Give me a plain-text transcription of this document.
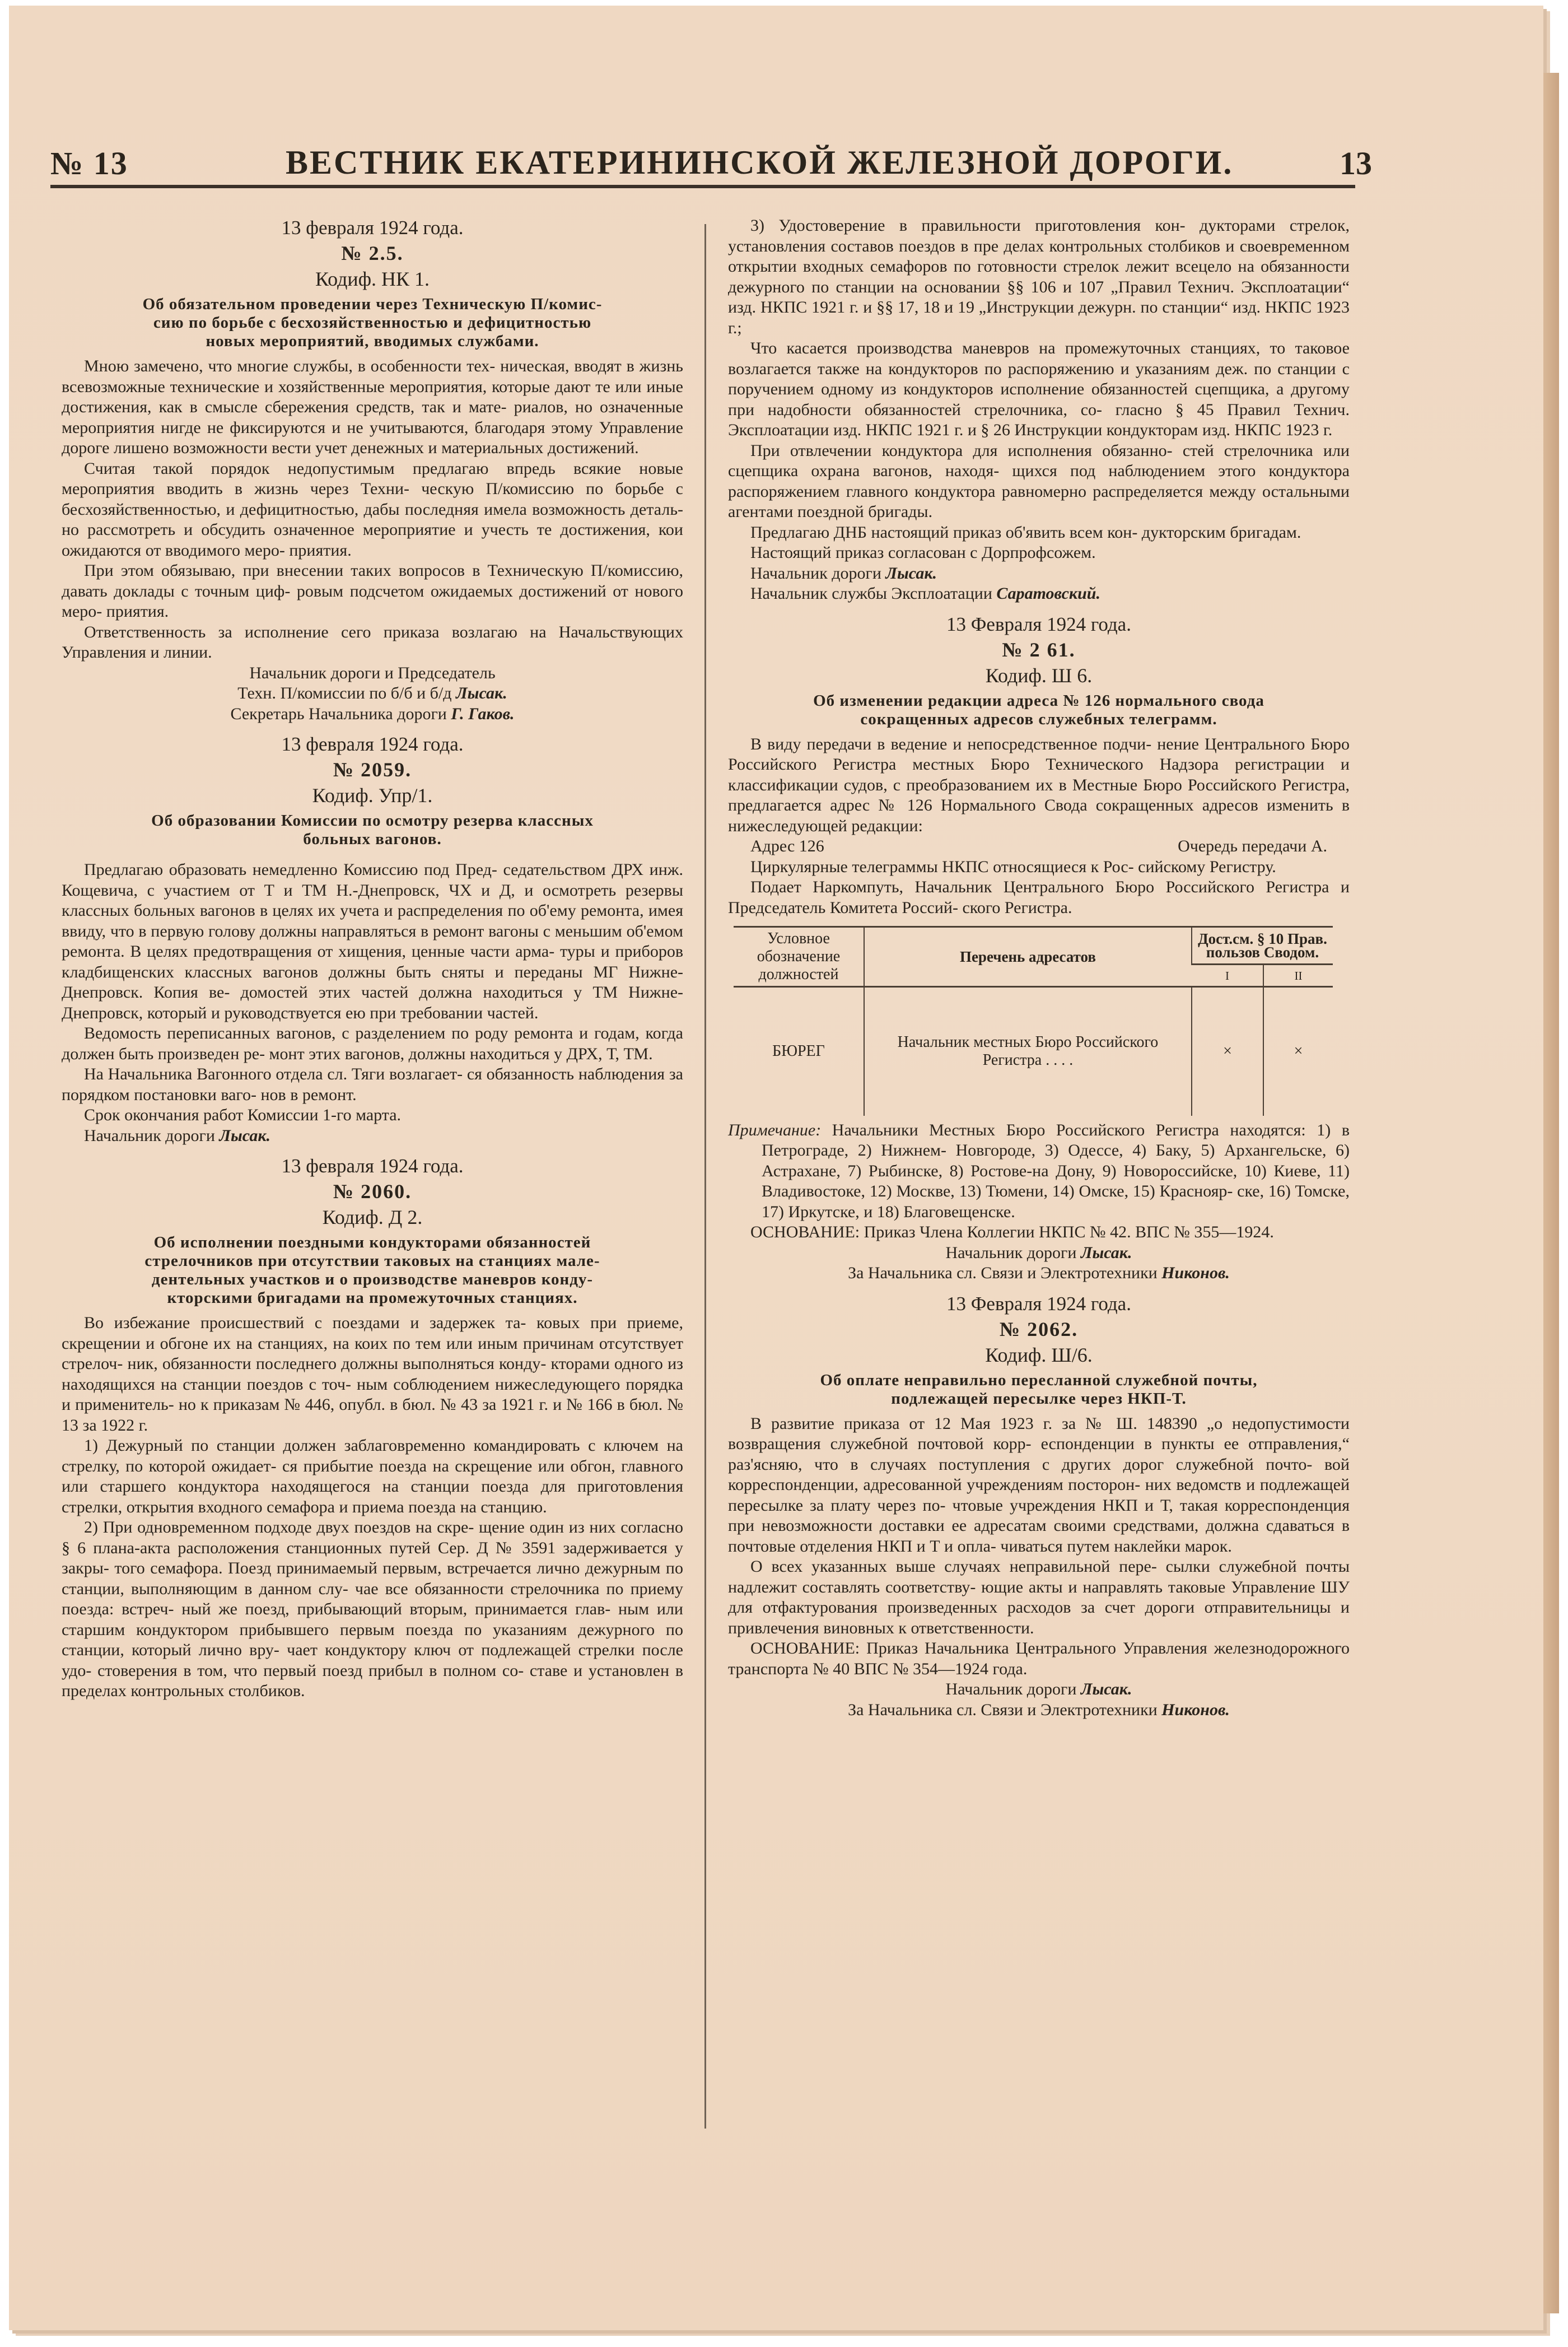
№ 13	ВЕСТНИК ЕКАТЕРИНИНСКОЙ ЖЕЛЕЗНОЙ ДОРОГИ.	13
13 февраля 1924 года.
№ 2.5.
Кодиф. НК 1.
Об обязательном проведении через Техническую П/комис-
сию по борьбе с бесхозяйственностью и дефицитностью
новых мероприятий, вводимых службами.

Мною замечено, что многие службы, в особенности тех- ническая, вводят в жизнь всевозможные технические и хозяйственные мероприятия, которые дают те или иные достижения, как в смысле сбережения средств, так и мате- риалов, но означенные мероприятия нигде не фиксируются и не учитываются, благодаря этому Управление дороге лишено возможности вести учет денежных и материальных достижений.

Считая такой порядок недопустимым предлагаю впредь всякие новые мероприятия вводить в жизнь через Техни- ческую П/комиссию по борьбе с бесхозяйственностью, и дефицитностью, дабы последняя имела возможность деталь- но рассмотреть и обсудить означенное мероприятие и учесть те достижения, кои ожидаются от вводимого меро- приятия.

При этом обязываю, при внесении таких вопросов в Техническую П/комиссию, давать доклады с точным циф- ровым подсчетом ожидаемых достижений от нового меро- приятия.

Ответственность за исполнение сего приказа возлагаю на Начальствующих Управления и линии.

Начальник дороги и Председатель
Техн. П/комиссии по б/б и б/д Лысак.
Секретарь Начальника дороги Г. Гаков.
13 февраля 1924 года.
№ 2059.
Кодиф. Упр/1.
Об образовании Комиссии по осмотру резерва классных
больных вагонов.

Предлагаю образовать немедленно Комиссию под Пред- седательством ДРХ инж. Кощевича, с участием от Т и ТМ Н.-Днепровск, ЧХ и Д, и осмотреть резервы классных больных вагонов в целях их учета и распределения по об'ему ремонта, имея ввиду, что в первую голову должны направляться в ремонт вагоны с меньшим об'емом ремонта. В целях предотвращения от хищения, ценные части арма- туры и приборов кладбищенских классных вагонов должны быть сняты и переданы МГ Нижне-Днепровск. Копия ве- домостей этих частей должна находиться у ТМ Нижне- Днепровск, который и руководствуется ею при требовании частей.

Ведомость переписанных вагонов, с разделением по роду ремонта и годам, когда должен быть произведен ре- монт этих вагонов, должны находиться у ДРХ, Т, ТМ.

На Начальника Вагонного отдела сл. Тяги возлагает- ся обязанность наблюдения за порядком постановки ваго- нов в ремонт.

Срок окончания работ Комиссии 1-го марта.

Начальник дороги Лысак.

13 февраля 1924 года.
№ 2060.
Кодиф. Д 2.
Об исполнении поездными кондукторами обязанностей
стрелочников при отсутствии таковых на станциях мале-
дентельных участков и о производстве маневров конду-
кторскими бригадами на промежуточных станциях.

Во избежание происшествий с поездами и задержек та- ковых при приеме, скрещении и обгоне их на станциях, на коих по тем или иным причинам отсутствует стрелоч- ник, обязанности последнего должны выполняться конду- кторами одного из находящихся на станции поездов с точ- ным соблюдением нижеследующего порядка и применитель- но к приказам № 446, опубл. в бюл. № 43 за 1921 г. и № 166 в бюл. № 13 за 1922 г.

1) Дежурный по станции должен заблаговременно командировать с ключем на стрелку, по которой ожидает- ся прибытие поезда на скрещение или обгон, главного или старшего кондуктора находящегося на станции поезда для приготовления стрелки, открытия входного семафора и приема поезда на станцию.

2) При одновременном подходе двух поездов на скре- щение один из них согласно § 6 плана-акта расположения станционных путей Сер. Д № 3591 задерживается у закры- того семафора. Поезд принимаемый первым, встречается лично дежурным по станции, выполняющим в данном слу- чае все обязанности стрелочника по приему поезда: встреч- ный же поезд, прибывающий вторым, принимается глав- ным или старшим кондуктором прибывшего первым поезда по указаниям дежурного по станции, который лично вру- чает кондуктору ключ от подлежащей стрелки после удо- стоверения в том, что первый поезд прибыл в полном со- ставе и установлен в пределах контрольных столбиков.

3) Удостоверение в правильности приготовления кон- дукторами стрелок, установления составов поездов в пре делах контрольных столбиков и своевременном открытии входных семафоров по готовности стрелок лежит всецело на обязанности дежурного по станции на основании §§ 106 и 107 „Правил Технич. Эксплоатации“ изд. НКПС 1921 г. и §§ 17, 18 и 19 „Инструкции дежурн. по станции“ изд. НКПС 1923 г.;

Что касается производства маневров на промежуточных станциях, то таковое возлагается также на кондукторов по распоряжению и указаниям деж. по станции с поручением одному из кондукторов исполнение обязанностей сцепщика, а другому при надобности обязанностей стрелочника, со- гласно § 45 Правил Технич. Эксплоатации изд. НКПС 1921 г. и § 26 Инструкции кондукторам изд. НКПС 1923 г.

При отвлечении кондуктора для исполнения обязанно- стей стрелочника или сцепщика охрана вагонов, находя- щихся под наблюдением этого кондуктора распоряжением главного кондуктора равномерно распределяется между остальными агентами поездной бригады.

Предлагаю ДНБ настоящий приказ об'явить всем кон- дукторским бригадам.

Настоящий приказ согласован с Дорпрофсожем.

Начальник дороги Лысак.

Начальник службы Эксплоатации Саратовский.

13 Февраля 1924 года.
№ 2 61.
Кодиф. Ш 6.
Об изменении редакции адреса № 126 нормального свода
сокращенных адресов служебных телеграмм.

В виду передачи в ведение и непосредственное подчи- нение Центрального Бюро Российского Регистра местных Бюро Технического Надзора регистрации и классификации судов, с преобразованием их в Местные Бюро Российского Регистра, предлагается адрес № 126 Нормального Свода сокращенных адресов изменить в нижеследующей редакции:

Адрес 126	Очередь передачи А.

Циркулярные телеграммы НКПС относящиеся к Рос- сийскому Регистру.

Подает Наркомпуть, Начальник Центрального Бюро Российского Регистра и Председатель Комитета Россий- ского Регистра.

Условное обозначение должностей	Перечень адресатов	Дост.см. § 10 Прав. пользов Сводом.	
		I	II
БЮРЕГ	Начальник местных Бюро Российского Регистра . . . .	×	×

Примечание: Начальники Местных Бюро Российского Регистра находятся: 1) в Петрограде, 2) Нижнем- Новгороде, 3) Одессе, 4) Баку, 5) Архангельске, 6) Астрахане, 7) Рыбинске, 8) Ростове-на Дону, 9) Новороссийске, 10) Киеве, 11) Владивостоке, 12) Москве, 13) Тюмени, 14) Омске, 15) Краснояр- ске, 16) Томске, 17) Иркутске, и 18) Благовещенске.

ОСНОВАНИЕ: Приказ Члена Коллегии НКПС № 42. ВПС № 355—1924.

Начальник дороги Лысак.
За Начальника сл. Связи и Электротехники Никонов.
13 Февраля 1924 года.
№ 2062.
Кодиф. Ш/6.
Об оплате неправильно пересланной служебной почты,
подлежащей пересылке через НКП-Т.

В развитие приказа от 12 Мая 1923 г. за № Ш. 148390 „о недопустимости возвращения служебной почтовой корр- еспонденции в пункты ее отправления,“ раз'ясняю, что в случаях поступления с других дорог служебной почто- вой корреспонденции, адресованной учреждениям посторон- них ведомств и подлежащей пересылке за плату через по- чтовые учреждения НКП и Т, такая корреспонденция при невозможности доставки ее адресатам своими средствами, должна сдаваться в почтовые отделения НКП и Т и опла- чиваться путем наклейки марок.

О всех указанных выше случаях неправильной пере- сылки служебной почты надлежит составлять соответству- ющие акты и направлять таковые Управление ШУ для отфактурования произведенных расходов за счет дороги отправительницы и привлечения виновных к ответственности.

ОСНОВАНИЕ: Приказ Начальника Центрального Управления железнодорожного транспорта № 40 ВПС № 354—1924 года.

Начальник дороги Лысак.
За Начальника сл. Связи и Электротехники Никонов.
